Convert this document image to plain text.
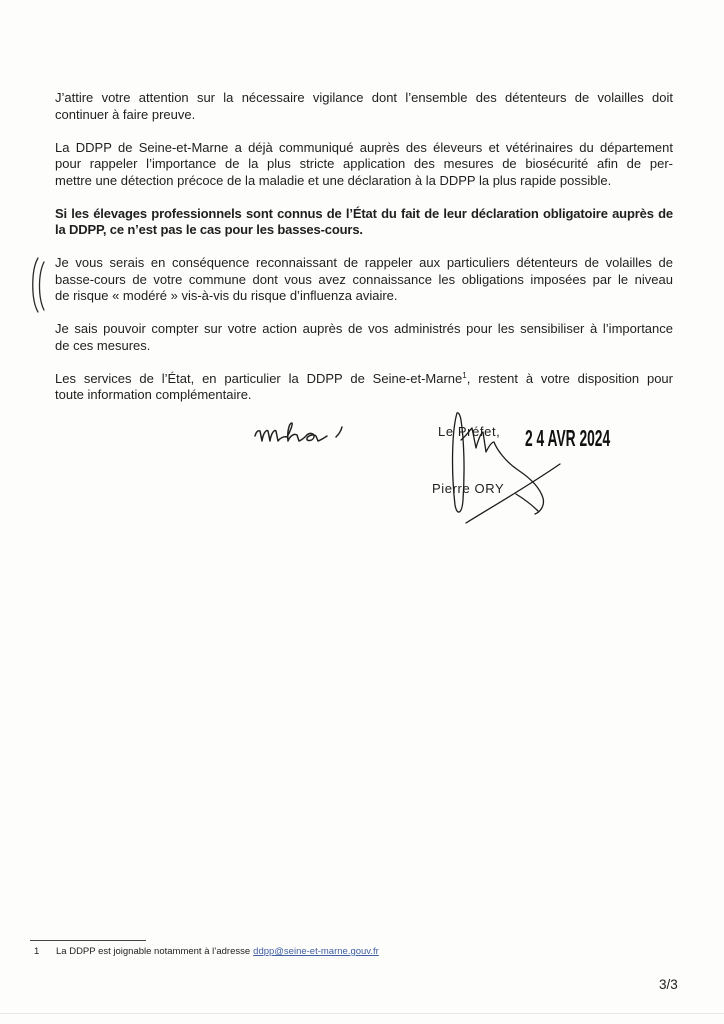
J’attire votre attention sur la nécessaire vigilance dont l’ensemble des détenteurs de volailles doit
continuer à faire preuve.
La DDPP de Seine-et-Marne a déjà communiqué auprès des éleveurs et vétérinaires du département
pour rappeler l’importance de la plus stricte application des mesures de biosécurité afin de per-
mettre une détection précoce de la maladie et une déclaration à la DDPP la plus rapide possible.
Si les élevages professionnels sont connus de l’État du fait de leur déclaration obligatoire auprès de
la DDPP, ce n’est pas le cas pour les basses-cours.
Je vous serais en conséquence reconnaissant de rappeler aux particuliers détenteurs de volailles de
basse-cours de votre commune dont vous avez connaissance les obligations imposées par le niveau
de risque « modéré » vis-à-vis du risque d’influenza aviaire.
Je sais pouvoir compter sur votre action auprès de vos administrés pour les sensibiliser à l’importance
de ces mesures.
Les services de l’État, en particulier la DDPP de Seine-et-Marne$^1$, restent à votre disposition pour
toute information complémentaire.
Le Préfet, 2 4 AVR 2024
Pierre ORY
1 La DDPP est joignable notamment à l’adresse ddpp@seine-et-marne.gouv.fr
3/3
